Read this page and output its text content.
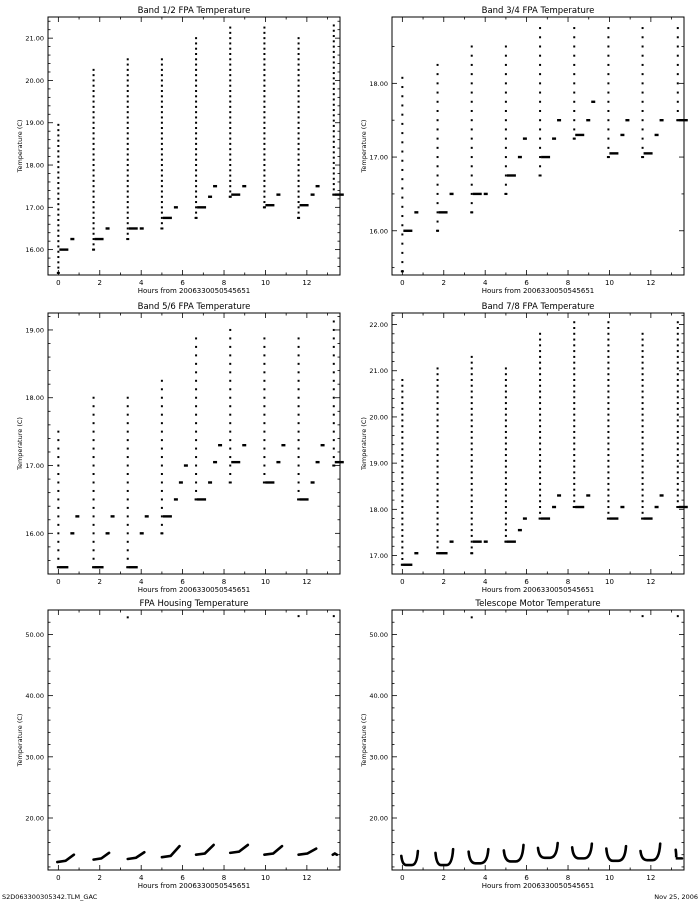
Band 1/2 FPA Temperature
Hours from 2006330050545651
Temperature (C)
0	2	4	6	8	10	12
16.00
17.00
18.00
19.00
20.00
21.00
Band 3/4 FPA Temperature
Hours from 2006330050545651
Temperature (C)
0	2	4	6	8	10	12
16.00
17.00
18.00
Band 5/6 FPA Temperature
Hours from 2006330050545651
Temperature (C)
0	2	4	6	8	10	12
16.00
17.00
18.00
19.00
Band 7/8 FPA Temperature
Hours from 2006330050545651
Temperature (C)
0	2	4	6	8	10	12
17.00
18.00
19.00
20.00
21.00
22.00
FPA Housing Temperature
Hours from 2006330050545651
Temperature (C)
0	2	4	6	8	10	12
20.00
30.00
40.00
50.00
Telescope Motor Temperature
Hours from 2006330050545651
Temperature (C)
0	2	4	6	8	10	12
20.00
30.00
40.00
50.00
S2D063300305342.TLM_GAC	Nov 25, 2006
